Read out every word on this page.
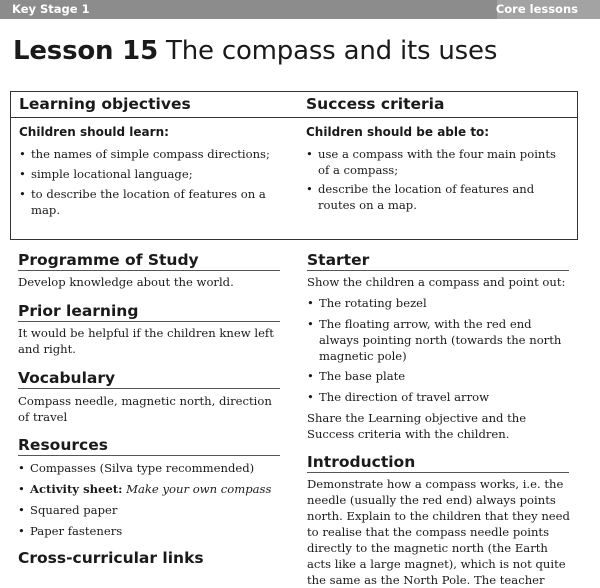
Key Stage 1	Core lessons
Lesson 15 The compass and its uses
Learning objectives
Children should learn:
• the names of simple compass directions;
• simple locational language;
• to describe the location of features on a map.
Success criteria
Children should be able to:
• use a compass with the four main points of a compass;
• describe the location of features and routes on a map.
Programme of Study
Develop knowledge about the world.
Prior learning
It would be helpful if the children knew left and right.
Vocabulary
Compass needle, magnetic north, direction of travel
Resources
• Compasses (Silva type recommended)
• Activity sheet: Make your own compass
• Squared paper
• Paper fasteners
Cross-curricular links
Starter
Show the children a compass and point out:
• The rotating bezel
• The floating arrow, with the red end always pointing north (towards the north magnetic pole)
• The base plate
• The direction of travel arrow
Share the Learning objective and the Success criteria with the children.
Introduction
Demonstrate how a compass works, i.e. the needle (usually the red end) always points north. Explain to the children that they need to realise that the compass needle points directly to the magnetic north (the Earth acts like a large magnet), which is not quite the same as the North Pole. The teacher
